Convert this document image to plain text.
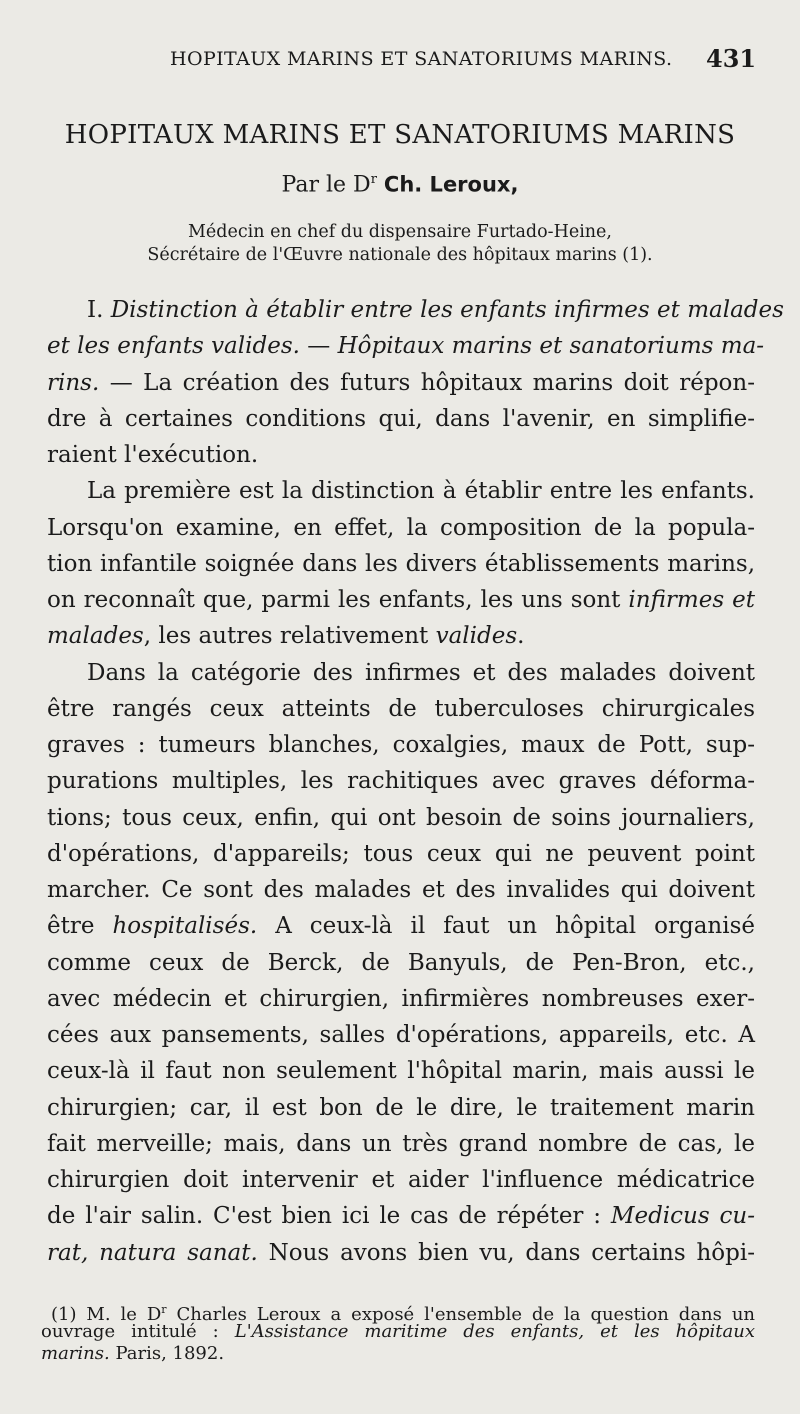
HOPITAUX MARINS ET SANATORIUMS MARINS. 431
HOPITAUX MARINS ET SANATORIUMS MARINS
Par le $D^r$ Ch. Leroux,
Médecin en chef du dispensaire Furtado-Heine,
Sécrétaire de l'Œuvre nationale des hôpitaux marins (1).
I. Distinction à établir entre les enfants infirmes et malades
et les enfants valides. — Hôpitaux marins et sanatoriums ma-
rins. — La création des futurs hôpitaux marins doit répon-
dre à certaines conditions qui, dans l'avenir, en simplifie-
raient l'exécution.
La première est la distinction à établir entre les enfants.
Lorsqu'on examine, en effet, la composition de la popula-
tion infantile soignée dans les divers établissements marins,
on reconnaît que, parmi les enfants, les uns sont infirmes et
malades, les autres relativement valides.
Dans la catégorie des infirmes et des malades doivent
être rangés ceux atteints de tuberculoses chirurgicales
graves : tumeurs blanches, coxalgies, maux de Pott, sup-
purations multiples, les rachitiques avec graves déforma-
tions; tous ceux, enfin, qui ont besoin de soins journaliers,
d'opérations, d'appareils; tous ceux qui ne peuvent point
marcher. Ce sont des malades et des invalides qui doivent
être hospitalisés. A ceux-là il faut un hôpital organisé
comme ceux de Berck, de Banyuls, de Pen-Bron, etc.,
avec médecin et chirurgien, infirmières nombreuses exer-
cées aux pansements, salles d'opérations, appareils, etc. A
ceux-là il faut non seulement l'hôpital marin, mais aussi le
chirurgien; car, il est bon de le dire, le traitement marin
fait merveille; mais, dans un très grand nombre de cas, le
chirurgien doit intervenir et aider l'influence médicatrice
de l'air salin. C'est bien ici le cas de répéter : Medicus cu-
rat, natura sanat. Nous avons bien vu, dans certains hôpi-
(1) M. le $D^r$ Charles Leroux a exposé l'ensemble de la question dans un
ouvrage intitulé : L'Assistance maritime des enfants, et les hôpitaux
marins. Paris, 1892.
